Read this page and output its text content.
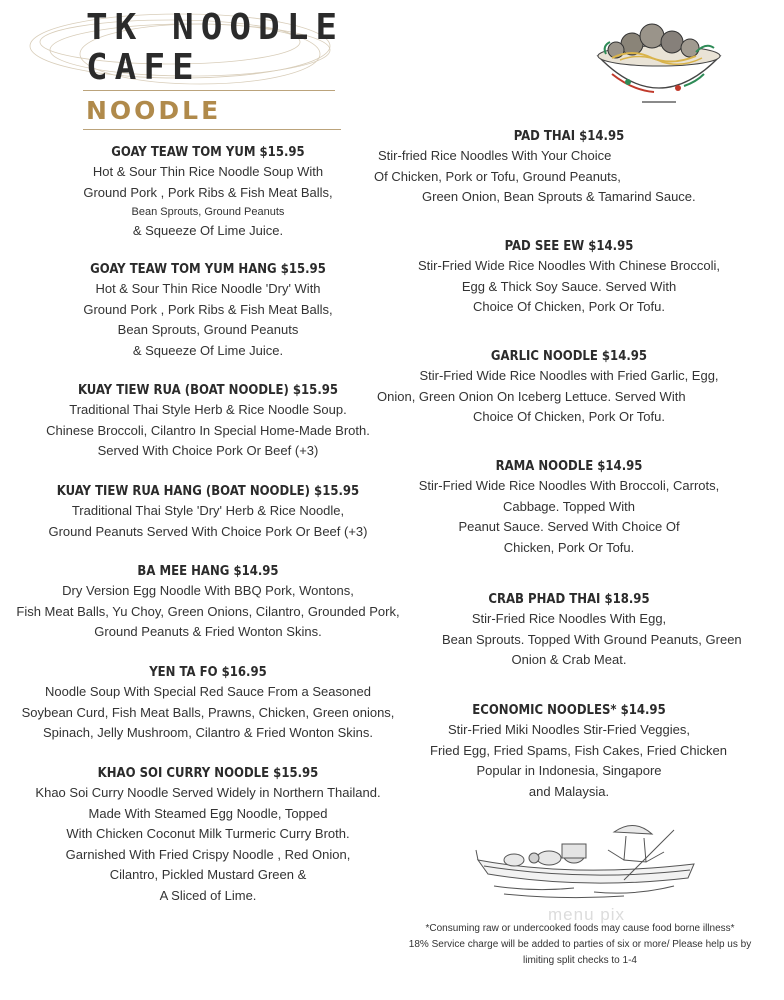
TK NOODLE
CAFE
NOODLE
GOAY TEAW TOM YUM $15.95
Hot & Sour Thin Rice Noodle Soup With
Ground Pork , Pork Ribs & Fish Meat Balls,
Bean Sprouts, Ground Peanuts
& Squeeze Of Lime Juice.
GOAY TEAW TOM YUM HANG $15.95
Hot & Sour Thin Rice Noodle 'Dry' With
Ground Pork , Pork Ribs & Fish Meat Balls,
Bean Sprouts, Ground Peanuts
& Squeeze Of Lime Juice.
KUAY TIEW RUA (BOAT NOODLE) $15.95
Traditional Thai Style Herb & Rice Noodle Soup.
Chinese Broccoli, Cilantro In Special Home-Made Broth.
Served With Choice Pork Or Beef (+3)
KUAY TIEW RUA HANG (BOAT NOODLE) $15.95
Traditional Thai Style 'Dry' Herb & Rice Noodle,
Ground Peanuts Served With Choice Pork Or Beef (+3)
BA MEE HANG $14.95
Dry Version Egg Noodle With BBQ Pork, Wontons,
Fish Meat Balls, Yu Choy, Green Onions, Cilantro, Grounded Pork,
Ground Peanuts & Fried Wonton Skins.
YEN TA FO $16.95
Noodle Soup With Special Red Sauce From a Seasoned
Soybean Curd, Fish Meat Balls, Prawns, Chicken, Green onions,
Spinach, Jelly Mushroom, Cilantro & Fried Wonton Skins.
KHAO SOI CURRY NOODLE $15.95
Khao Soi Curry Noodle Served Widely in Northern Thailand.
Made With Steamed Egg Noodle, Topped
With Chicken Coconut Milk Turmeric Curry Broth.
Garnished With Fried Crispy Noodle , Red Onion,
Cilantro, Pickled Mustard Green &
A Sliced of Lime.
PAD THAI $14.95
Stir-fried Rice Noodles With Your Choice
Of Chicken, Pork or Tofu, Ground Peanuts,
Green Onion, Bean Sprouts & Tamarind Sauce.
PAD SEE EW $14.95
Stir-Fried Wide Rice Noodles With Chinese Broccoli,
Egg & Thick Soy Sauce. Served With
Choice Of Chicken, Pork Or Tofu.
GARLIC NOODLE $14.95
Stir-Fried Wide Rice Noodles with Fried Garlic, Egg,
Onion, Green Onion On Iceberg Lettuce. Served With
Choice Of Chicken, Pork Or Tofu.
RAMA NOODLE $14.95
Stir-Fried Wide Rice Noodles With Broccoli, Carrots,
Cabbage. Topped With
Peanut Sauce. Served With Choice Of
Chicken, Pork Or Tofu.
CRAB PHAD THAI $18.95
Stir-Fried Rice Noodles With Egg,
Bean Sprouts. Topped With Ground Peanuts, Green
Onion & Crab Meat.
ECONOMIC NOODLES* $14.95
Stir-Fried Miki Noodles Stir-Fried Veggies,
Fried Egg, Fried Spams, Fish Cakes, Fried Chicken
Popular in Indonesia, Singapore
and Malaysia.
menu pix
*Consuming raw or undercooked foods may cause food borne illness*
18% Service charge will be added to parties of six or more/ Please help us by
limiting split checks to 1-4
